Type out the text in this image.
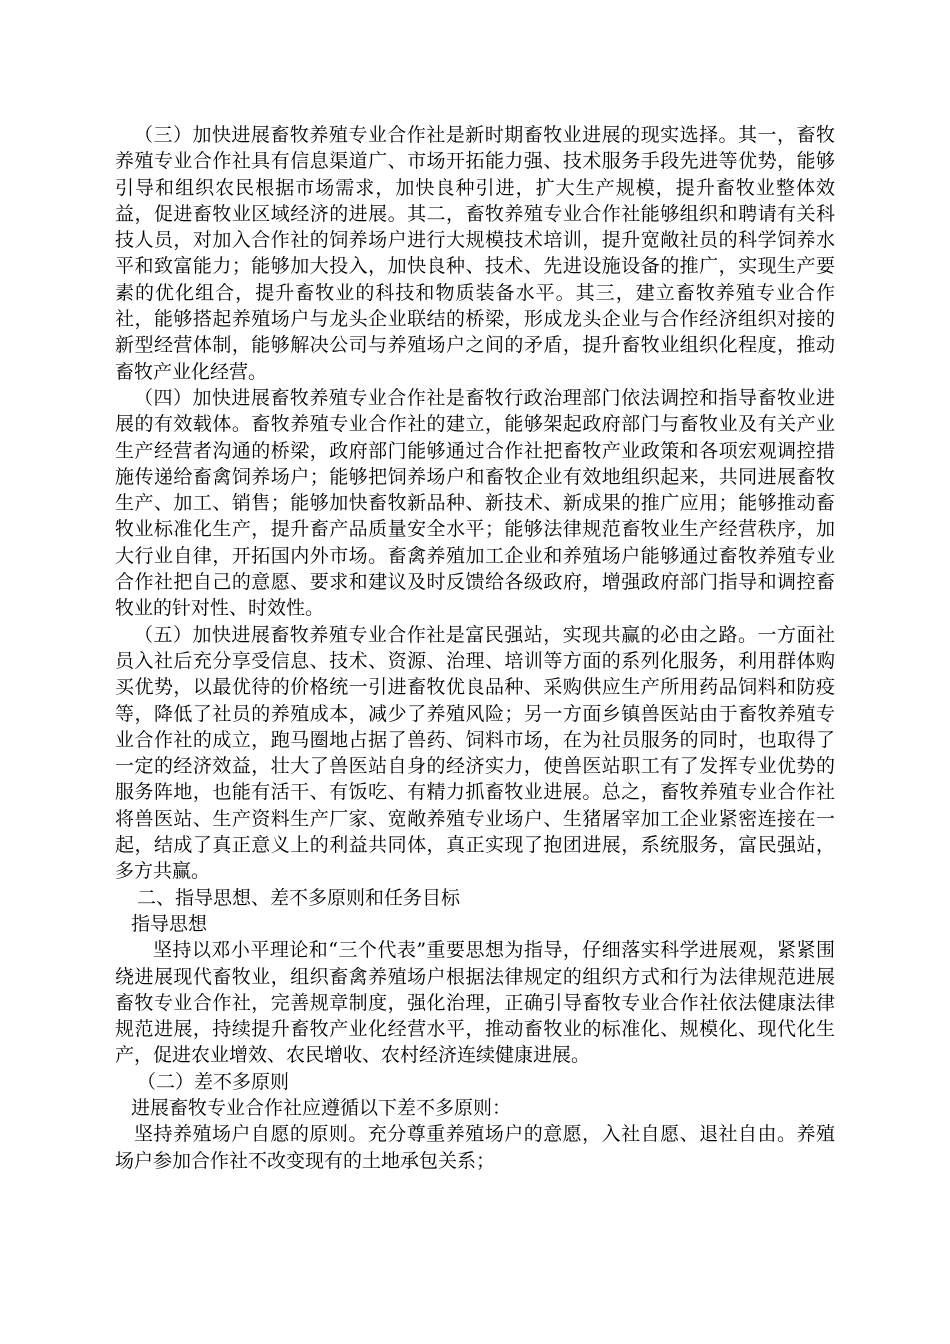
（三）加快进展畜牧养殖专业合作社是新时期畜牧业进展的现实选择。其一，畜牧养殖专业合作社具有信息渠道广、市场开拓能力强、技术服务手段先进等优势，能够引导和组织农民根据市场需求，加快良种引进，扩大生产规模，提升畜牧业整体效益，促进畜牧业区域经济的进展。其二，畜牧养殖专业合作社能够组织和聘请有关科技人员，对加入合作社的饲养场户进行大规模技术培训，提升宽敞社员的科学饲养水平和致富能力；能够加大投入，加快良种、技术、先进设施设备的推广，实现生产要素的优化组合，提升畜牧业的科技和物质装备水平。其三，建立畜牧养殖专业合作社，能够搭起养殖场户与龙头企业联结的桥梁，形成龙头企业与合作经济组织对接的新型经营体制，能够解决公司与养殖场户之间的矛盾，提升畜牧业组织化程度，推动畜牧产业化经营。

（四）加快进展畜牧养殖专业合作社是畜牧行政治理部门依法调控和指导畜牧业进展的有效载体。畜牧养殖专业合作社的建立，能够架起政府部门与畜牧业及有关产业生产经营者沟通的桥梁，政府部门能够通过合作社把畜牧产业政策和各项宏观调控措施传递给畜禽饲养场户；能够把饲养场户和畜牧企业有效地组织起来，共同进展畜牧生产、加工、销售；能够加快畜牧新品种、新技术、新成果的推广应用；能够推动畜牧业标准化生产，提升畜产品质量安全水平；能够法律规范畜牧业生产经营秩序，加大行业自律，开拓国内外市场。畜禽养殖加工企业和养殖场户能够通过畜牧养殖专业合作社把自己的意愿、要求和建议及时反馈给各级政府，增强政府部门指导和调控畜牧业的针对性、时效性。

（五）加快进展畜牧养殖专业合作社是富民强站，实现共赢的必由之路。一方面社员入社后充分享受信息、技术、资源、治理、培训等方面的系列化服务，利用群体购买优势，以最优待的价格统一引进畜牧优良品种、采购供应生产所用药品饲料和防疫等，降低了社员的养殖成本，减少了养殖风险；另一方面乡镇兽医站由于畜牧养殖专业合作社的成立，跑马圈地占据了兽药、饲料市场，在为社员服务的同时，也取得了一定的经济效益，壮大了兽医站自身的经济实力，使兽医站职工有了发挥专业优势的服务阵地，也能有活干、有饭吃、有精力抓畜牧业进展。总之，畜牧养殖专业合作社将兽医站、生产资料生产厂家、宽敞养殖专业场户、生猪屠宰加工企业紧密连接在一起，结成了真正意义上的利益共同体，真正实现了抱团进展，系统服务，富民强站，多方共赢。

二、指导思想、差不多原则和任务目标

指导思想

坚持以邓小平理论和“三个代表”重要思想为指导，仔细落实科学进展观，紧紧围绕进展现代畜牧业，组织畜禽养殖场户根据法律规定的组织方式和行为法律规范进展畜牧专业合作社，完善规章制度，强化治理，正确引导畜牧专业合作社依法健康法律规范进展，持续提升畜牧产业化经营水平，推动畜牧业的标准化、规模化、现代化生产，促进农业增效、农民增收、农村经济连续健康进展。

（二）差不多原则

进展畜牧专业合作社应遵循以下差不多原则：

坚持养殖场户自愿的原则。充分尊重养殖场户的意愿，入社自愿、退社自由。养殖场户参加合作社不改变现有的土地承包关系；
